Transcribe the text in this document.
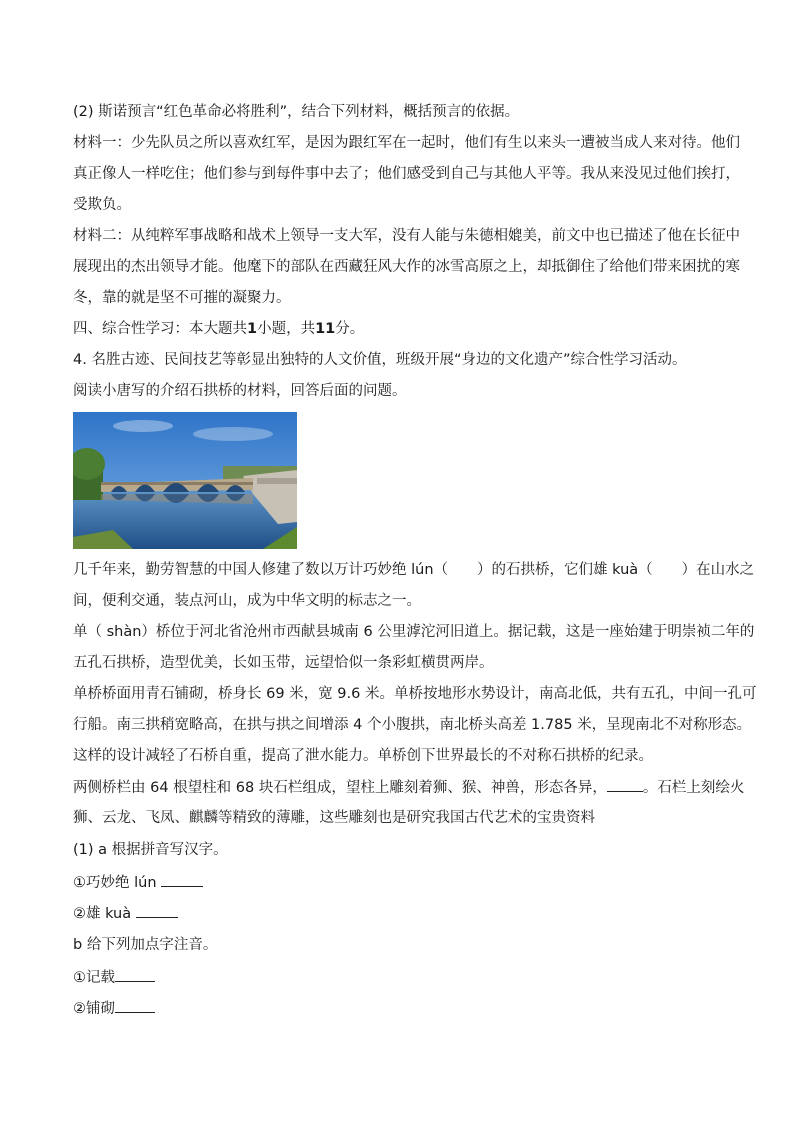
(2) 斯诺预言“红色革命必将胜利”，结合下列材料，概括预言的依据。
材料一：少先队员之所以喜欢红军，是因为跟红军在一起时，他们有生以来头一遭被当成人来对待。他们
真正像人一样吃住；他们参与到每件事中去了；他们感受到自己与其他人平等。我从来没见过他们挨打，
受欺负。
材料二：从纯粹军事战略和战术上领导一支大军，没有人能与朱德相媲美，前文中也已描述了他在长征中
展现出的杰出领导才能。他麾下的部队在西藏狂风大作的冰雪高原之上，却抵御住了给他们带来困扰的寒
冬，靠的就是坚不可摧的凝聚力。
四、综合性学习：本大题共1小题，共11分。
4. 名胜古迹、民间技艺等彰显出独特的人文价值，班级开展“身边的文化遗产”综合性学习活动。
阅读小唐写的介绍石拱桥的材料，回答后面的问题。
几千年来，勤劳智慧的中国人修建了数以万计巧妙绝 lún（　　）的石拱桥，它们雄 kuà（　　）在山水之
间，便利交通，装点河山，成为中华文明的标志之一。
单（ shàn）桥位于河北省沧州市西献县城南 6 公里滹沱河旧道上。据记载，这是一座始建于明崇祯二年的
五孔石拱桥，造型优美，长如玉带，远望恰似一条彩虹横贯两岸。
单桥桥面用青石铺砌，桥身长 69 米，宽 9.6 米。单桥按地形水势设计，南高北低，共有五孔，中间一孔可
行船。南三拱稍宽略高，在拱与拱之间增添 4 个小腹拱，南北桥头高差 1.785 米，呈现南北不对称形态。
这样的设计减轻了石桥自重，提高了泄水能力。单桥创下世界最长的不对称石拱桥的纪录。
两侧桥栏由 64 根望柱和 68 块石栏组成，望柱上雕刻着狮、猴、神兽，形态各异， 。石栏上刻绘火
狮、云龙、飞凤、麒麟等精致的薄雕，这些雕刻也是研究我国古代艺术的宝贵资料
(1) a 根据拼音写汉字。
①巧妙绝 lún
②雄 kuà
b 给下列加点字注音。
①记载
②铺砌
